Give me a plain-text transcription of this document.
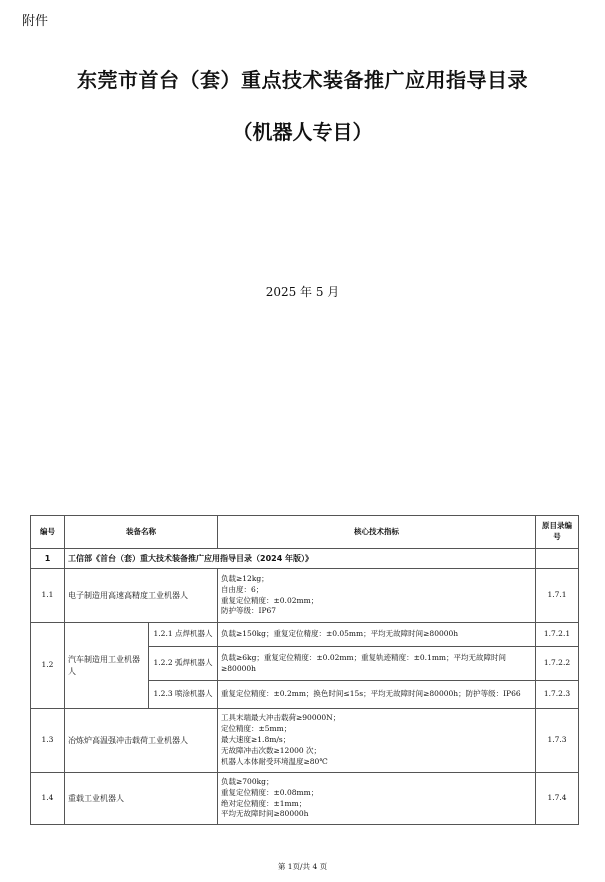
附件
东莞市首台（套）重点技术装备推广应用指导目录
（机器人专目）
2025 年 5 月
编号	装备名称		核心技术指标	原目录编号
1	工信部《首台（套）重大技术装备推广应用指导目录（2024 年版）》			
1.1	电子制造用高速高精度工业机器人		负载≥12kg；
自由度：6；
重复定位精度：±0.02mm；
防护等级：IP67	1.7.1
1.2	汽车制造用工业机器人	1.2.1 点焊机器人	负载≥150kg；重复定位精度：±0.05mm；平均无故障时间≥80000h	1.7.2.1
		1.2.2 弧焊机器人	负载≥6kg；重复定位精度：±0.02mm；重复轨迹精度：±0.1mm；平均无故障时间≥80000h	1.7.2.2
		1.2.3 喷涂机器人	重复定位精度：±0.2mm；换色时间≤15s；平均无故障时间≥80000h；防护等级：IP66	1.7.2.3
1.3	冶炼炉高温强冲击载荷工业机器人		工具末端最大冲击载荷≥90000N；
定位精度：±5mm；
最大速度≥1.8m/s；
无故障冲击次数≥12000 次；
机器人本体耐受环境温度≥80℃	1.7.3
1.4	重载工业机器人		负载≥700kg；
重复定位精度：±0.08mm；
绝对定位精度：±1mm；
平均无故障时间≥80000h	1.7.4
第 1页/共 4 页
